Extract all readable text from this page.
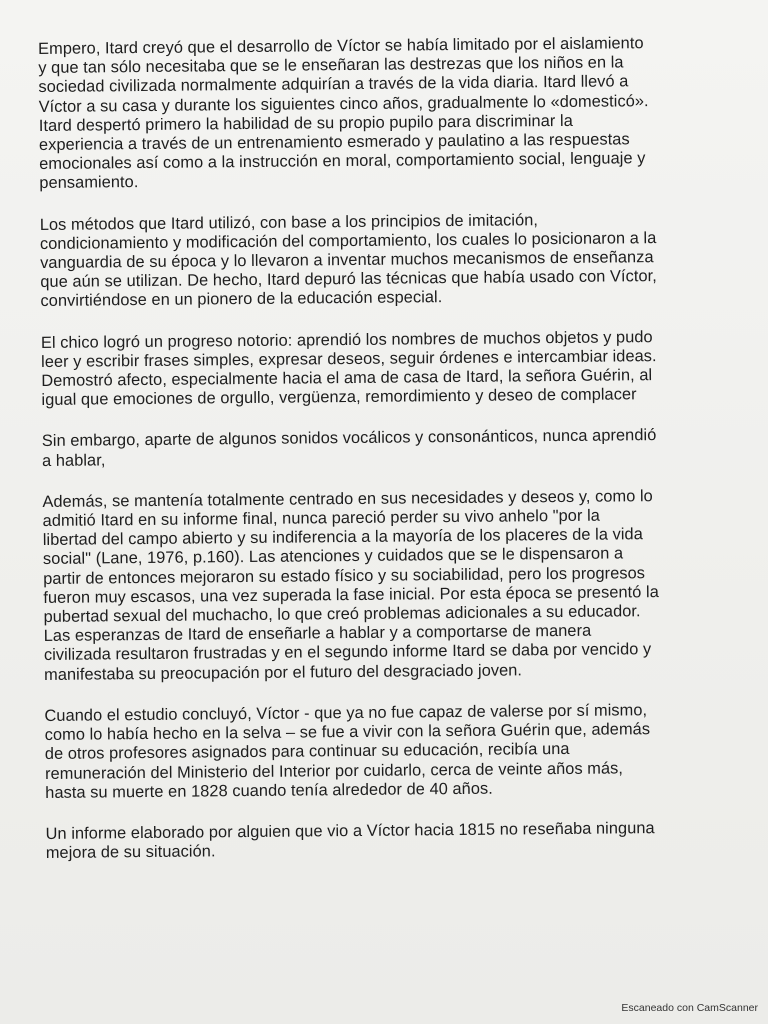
Empero, Itard creyó que el desarrollo de Víctor se había limitado por el aislamiento
y que tan sólo necesitaba que se le enseñaran las destrezas que los niños en la
sociedad civilizada normalmente adquirían a través de la vida diaria. Itard llevó a
Víctor a su casa y durante los siguientes cinco años, gradualmente lo «domesticó».
Itard despertó primero la habilidad de su propio pupilo para discriminar la
experiencia a través de un entrenamiento esmerado y paulatino a las respuestas
emocionales así como a la instrucción en moral, comportamiento social, lenguaje y
pensamiento.

Los métodos que Itard utilizó, con base a los principios de imitación,
condicionamiento y modificación del comportamiento, los cuales lo posicionaron a la
vanguardia de su época y lo llevaron a inventar muchos mecanismos de enseñanza
que aún se utilizan. De hecho, Itard depuró las técnicas que había usado con Víctor,
convirtiéndose en un pionero de la educación especial.

El chico logró un progreso notorio: aprendió los nombres de muchos objetos y pudo
leer y escribir frases simples, expresar deseos, seguir órdenes e intercambiar ideas.
Demostró afecto, especialmente hacia el ama de casa de Itard, la señora Guérin, al
igual que emociones de orgullo, vergüenza, remordimiento y deseo de complacer

Sin embargo, aparte de algunos sonidos vocálicos y consonánticos, nunca aprendió
a hablar,

Además, se mantenía totalmente centrado en sus necesidades y deseos y, como lo
admitió Itard en su informe final, nunca pareció perder su vivo anhelo "por la
libertad del campo abierto y su indiferencia a la mayoría de los placeres de la vida
social" (Lane, 1976, p.160). Las atenciones y cuidados que se le dispensaron a
partir de entonces mejoraron su estado físico y su sociabilidad, pero los progresos
fueron muy escasos, una vez superada la fase inicial. Por esta época se presentó la
pubertad sexual del muchacho, lo que creó problemas adicionales a su educador.
Las esperanzas de Itard de enseñarle a hablar y a comportarse de manera
civilizada resultaron frustradas y en el segundo informe Itard se daba por vencido y
manifestaba su preocupación por el futuro del desgraciado joven.

Cuando el estudio concluyó, Víctor - que ya no fue capaz de valerse por sí mismo,
como lo había hecho en la selva – se fue a vivir con la señora Guérin que, además
de otros profesores asignados para continuar su educación, recibía una
remuneración del Ministerio del Interior por cuidarlo, cerca de veinte años más,
hasta su muerte en 1828 cuando tenía alrededor de 40 años.

Un informe elaborado por alguien que vio a Víctor hacia 1815 no reseñaba ninguna
mejora de su situación.

Escaneado con CamScanner
